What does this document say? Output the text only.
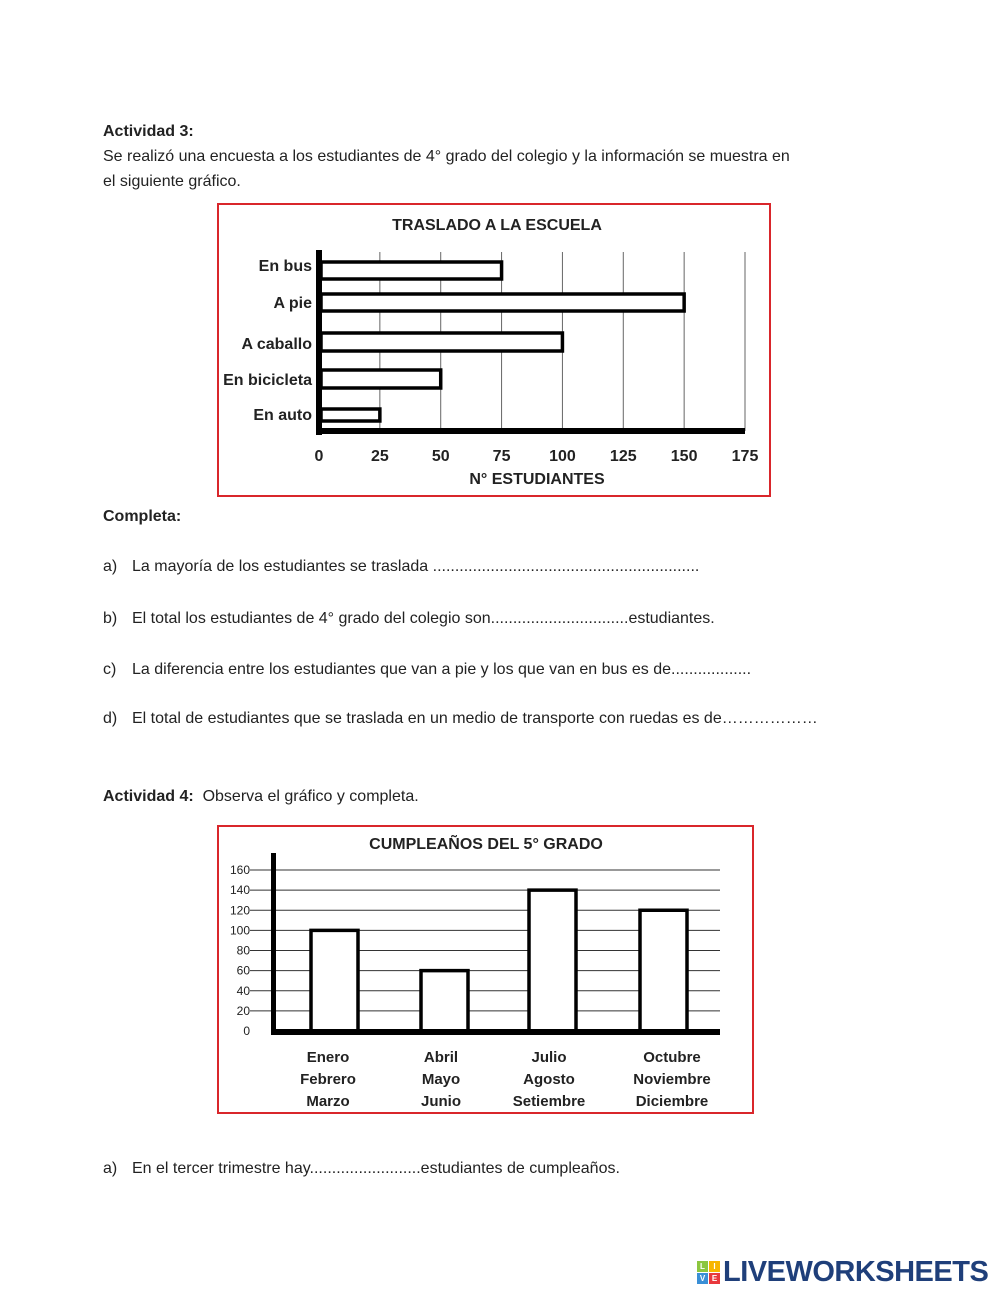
Actividad 3:
Se realizó una encuesta a los estudiantes de 4° grado del colegio y la información se muestra en
el siguiente gráfico.
TRASLADO A LA ESCUELA
0	25	50	75 100 125 150 175
En bus
A pie
A caballo
En bicicleta
En auto
N° ESTUDIANTES
CUMPLEAÑOS DEL 5° GRADO
0
20
40
60
80
100
120
140
160
Enero
Febrero
Marzo
Abril
Mayo
Junio
Julio
Agosto
Setiembre
Octubre
Noviembre
Diciembre
Completa:
a) La mayoría de los estudiantes se traslada ............................................................
b) El total los estudiantes de 4° grado del colegio son...............................estudiantes.
c) La diferencia entre los estudiantes que van a pie y los que van en bus es de..................
d) El total de estudiantes que se traslada en un medio de transporte con ruedas es de………………
Actividad 4: Observa el gráfico y completa.
a) En el tercer trimestre hay.........................estudiantes de cumpleaños.
L	I
V E LIVEWORKSHEETS
